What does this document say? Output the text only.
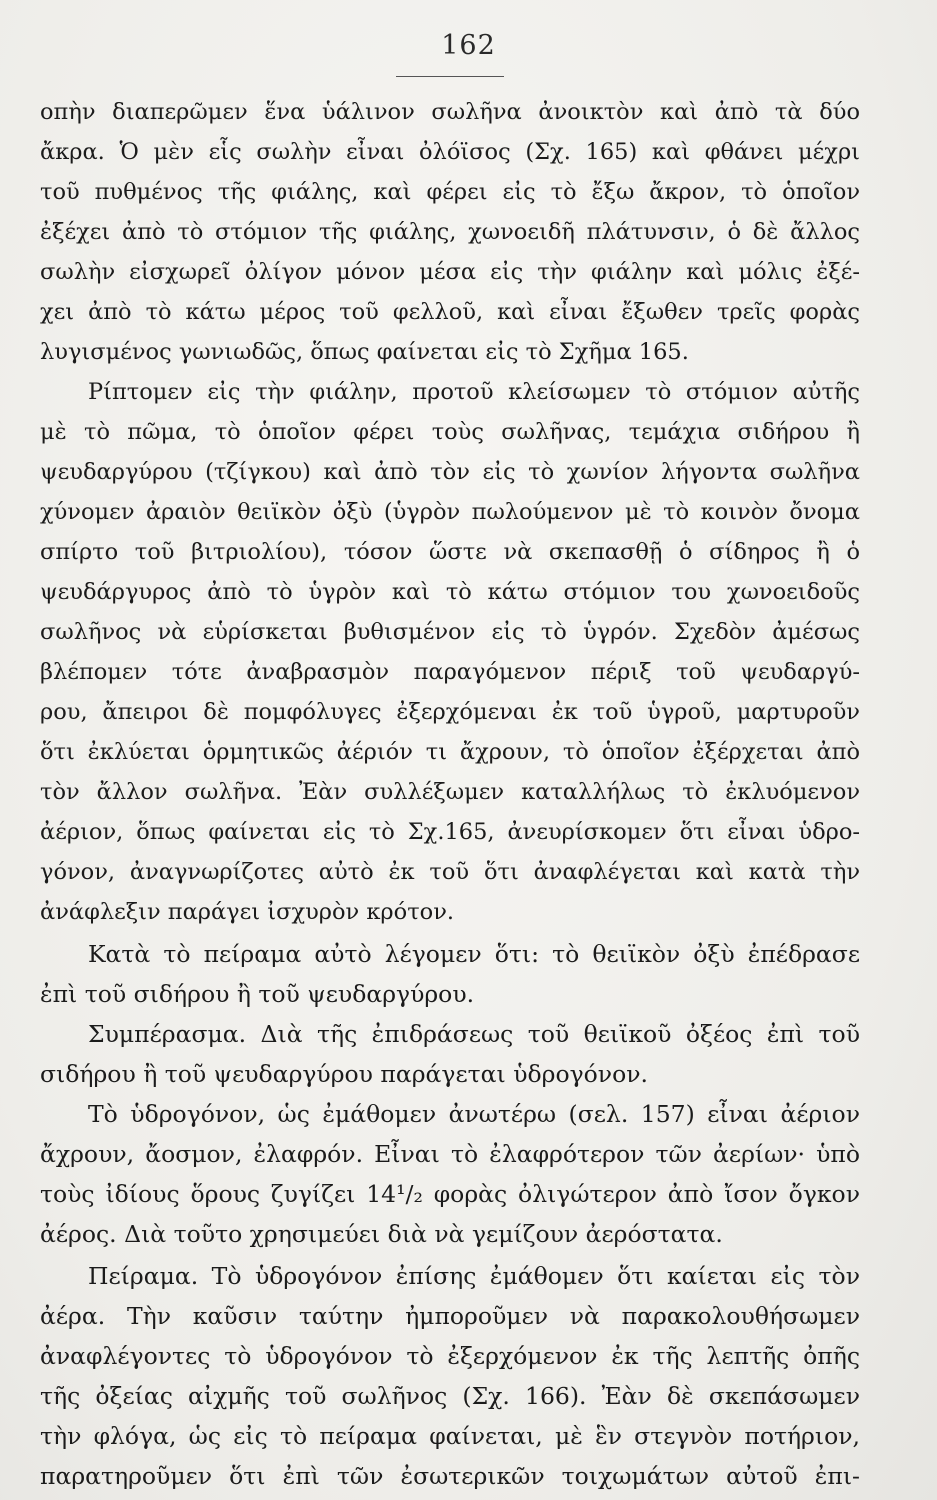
162
οπὴν διαπερῶμεν ἕνα ὑάλινον σωλῆνα ἀνοικτὸν καὶ ἀπὸ τὰ δύο
ἄκρα. Ὁ μὲν εἷς σωλὴν εἶναι ὀλόϊσος (Σχ. 165) καὶ φθάνει μέχρι
τοῦ πυθμένος τῆς φιάλης, καὶ φέρει εἰς τὸ ἔξω ἄκρον, τὸ ὁποῖον
ἐξέχει ἀπὸ τὸ στόμιον τῆς φιάλης, χωνοειδῆ πλάτυνσιν, ὁ δὲ ἄλλος
σωλὴν εἰσχωρεῖ ὀλίγον μόνον μέσα εἰς τὴν φιάλην καὶ μόλις ἐξέ-
χει ἀπὸ τὸ κάτω μέρος τοῦ φελλοῦ, καὶ εἶναι ἔξωθεν τρεῖς φορὰς
λυγισμένος γωνιωδῶς, ὅπως φαίνεται εἰς τὸ Σχῆμα 165.
Ρίπτομεν εἰς τὴν φιάλην, προτοῦ κλείσωμεν τὸ στόμιον αὐτῆς
μὲ τὸ πῶμα, τὸ ὁποῖον φέρει τοὺς σωλῆνας, τεμάχια σιδήρου ἢ
ψευδαργύρου (τζίγκου) καὶ ἀπὸ τὸν εἰς τὸ χωνίον λήγοντα σωλῆνα
χύνομεν ἀραιὸν θειϊκὸν ὀξὺ (ὑγρὸν πωλούμενον μὲ τὸ κοινὸν ὄνομα
σπίρτο τοῦ βιτριολίου), τόσον ὥστε νὰ σκεπασθῇ ὁ σίδηρος ἢ ὁ
ψευδάργυρος ἀπὸ τὸ ὑγρὸν καὶ τὸ κάτω στόμιον του χωνοειδοῦς
σωλῆνος νὰ εὑρίσκεται βυθισμένον εἰς τὸ ὑγρόν. Σχεδὸν ἀμέσως
βλέπομεν τότε ἀναβρασμὸν παραγόμενον πέριξ τοῦ ψευδαργύ-
ρου, ἄπειροι δὲ πομφόλυγες ἐξερχόμεναι ἐκ τοῦ ὑγροῦ, μαρτυροῦν
ὅτι ἐκλύεται ὁρμητικῶς ἀέριόν τι ἄχρουν, τὸ ὁποῖον ἐξέρχεται ἀπὸ
τὸν ἄλλον σωλῆνα. Ἐὰν συλλέξωμεν καταλλήλως τὸ ἐκλυόμενον
ἀέριον, ὅπως φαίνεται εἰς τὸ Σχ.165, ἀνευρίσκομεν ὅτι εἶναι ὑδρο-
γόνον, ἀναγνωρίζοτες αὐτὸ ἐκ τοῦ ὅτι ἀναφλέγεται καὶ κατὰ τὴν
ἀνάφλεξιν παράγει ἰσχυρὸν κρότον.
Κατὰ τὸ πείραμα αὐτὸ λέγομεν ὅτι: τὸ θειϊκὸν ὀξὺ ἐπέδρασε
ἐπὶ τοῦ σιδήρου ἢ τοῦ ψευδαργύρου.
Συμπέρασμα. Διὰ τῆς ἐπιδράσεως τοῦ θειϊκοῦ ὀξέος ἐπὶ τοῦ
σιδήρου ἢ τοῦ ψευδαργύρου παράγεται ὑδρογόνον.
Τὸ ὑδρογόνον, ὡς ἐμάθομεν ἀνωτέρω (σελ. 157) εἶναι ἀέριον
ἄχρουν, ἄοσμον, ἐλαφρόν. Εἶναι τὸ ἐλαφρότερον τῶν ἀερίων· ὑπὸ
τοὺς ἰδίους ὅρους ζυγίζει 14¹/₂ φορὰς ὀλιγώτερον ἀπὸ ἴσον ὄγκον
ἀέρος. Διὰ τοῦτο χρησιμεύει διὰ νὰ γεμίζουν ἀερόστατα.
Πείραμα. Τὸ ὑδρογόνον ἐπίσης ἐμάθομεν ὅτι καίεται εἰς τὸν
ἀέρα. Τὴν καῦσιν ταύτην ἠμποροῦμεν νὰ παρακολουθήσωμεν
ἀναφλέγοντες τὸ ὑδρογόνον τὸ ἐξερχόμενον ἐκ τῆς λεπτῆς ὀπῆς
τῆς ὀξείας αἰχμῆς τοῦ σωλῆνος (Σχ. 166). Ἐὰν δὲ σκεπάσωμεν
τὴν φλόγα, ὡς εἰς τὸ πείραμα φαίνεται, μὲ ἓν στεγνὸν ποτήριον,
παρατηροῦμεν ὅτι ἐπὶ τῶν ἐσωτερικῶν τοιχωμάτων αὐτοῦ ἐπι-
